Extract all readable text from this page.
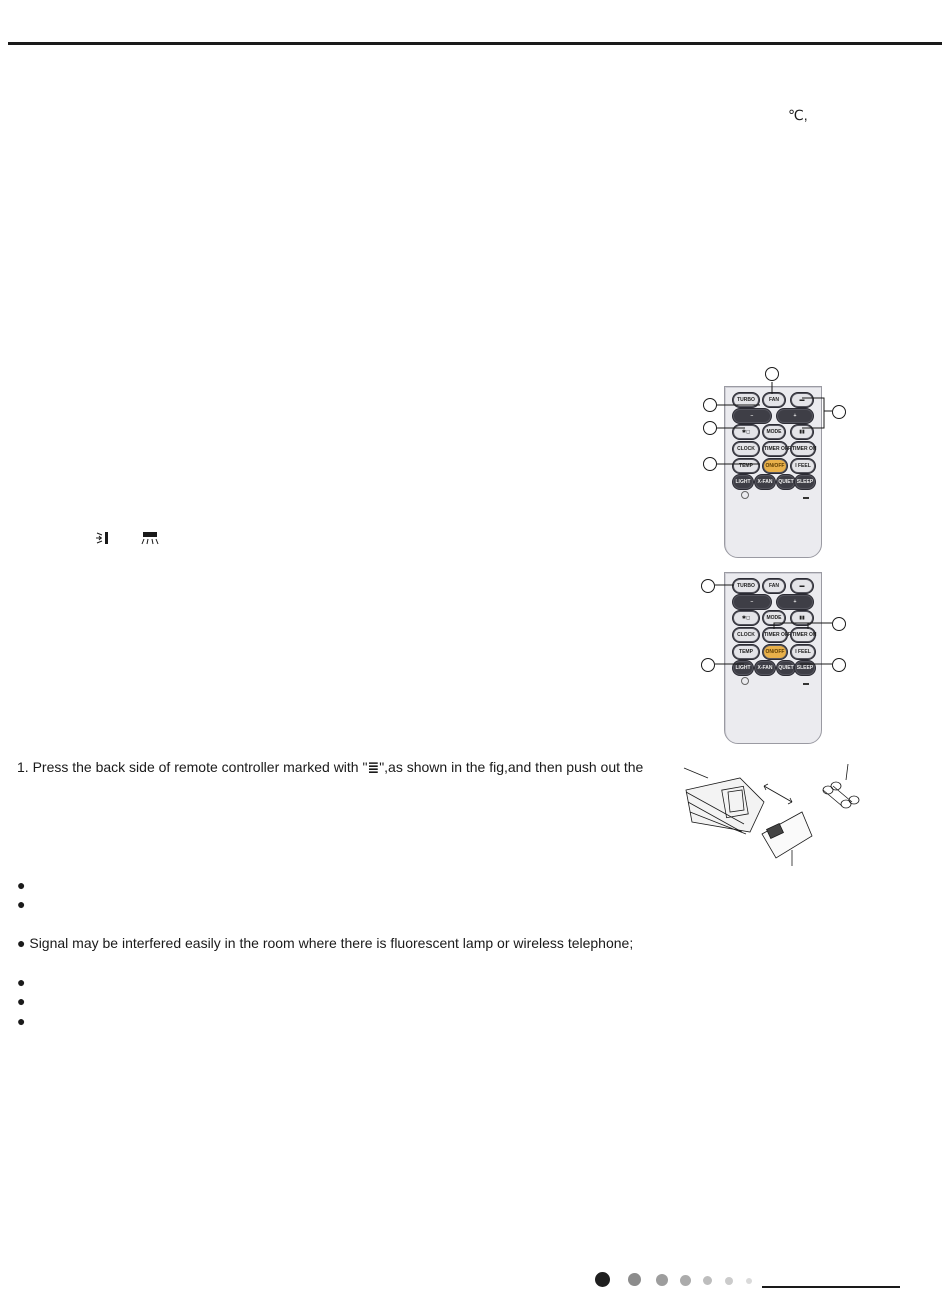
℃,
TURBO	FAN	▬
−	+
✱◻	MODE	▮▮
CLOCK	TIMER OFF TIMER ON
TEMP	ON/OFF	I FEEL
LIGHT	X-FAN	QUIET SLEEP
TURBO	FAN	▬
−	+
✱◻	MODE	▮▮
CLOCK	TIMER OFF TIMER ON
TEMP	ON/OFF	I FEEL
LIGHT	X-FAN	QUIET SLEEP
1. Press the back side of remote controller marked with "≣",as shown in the fig,and then push out the
●
●
● Signal may be interfered easily in the room where there is fluorescent lamp or wireless telephone;
●
●
●
